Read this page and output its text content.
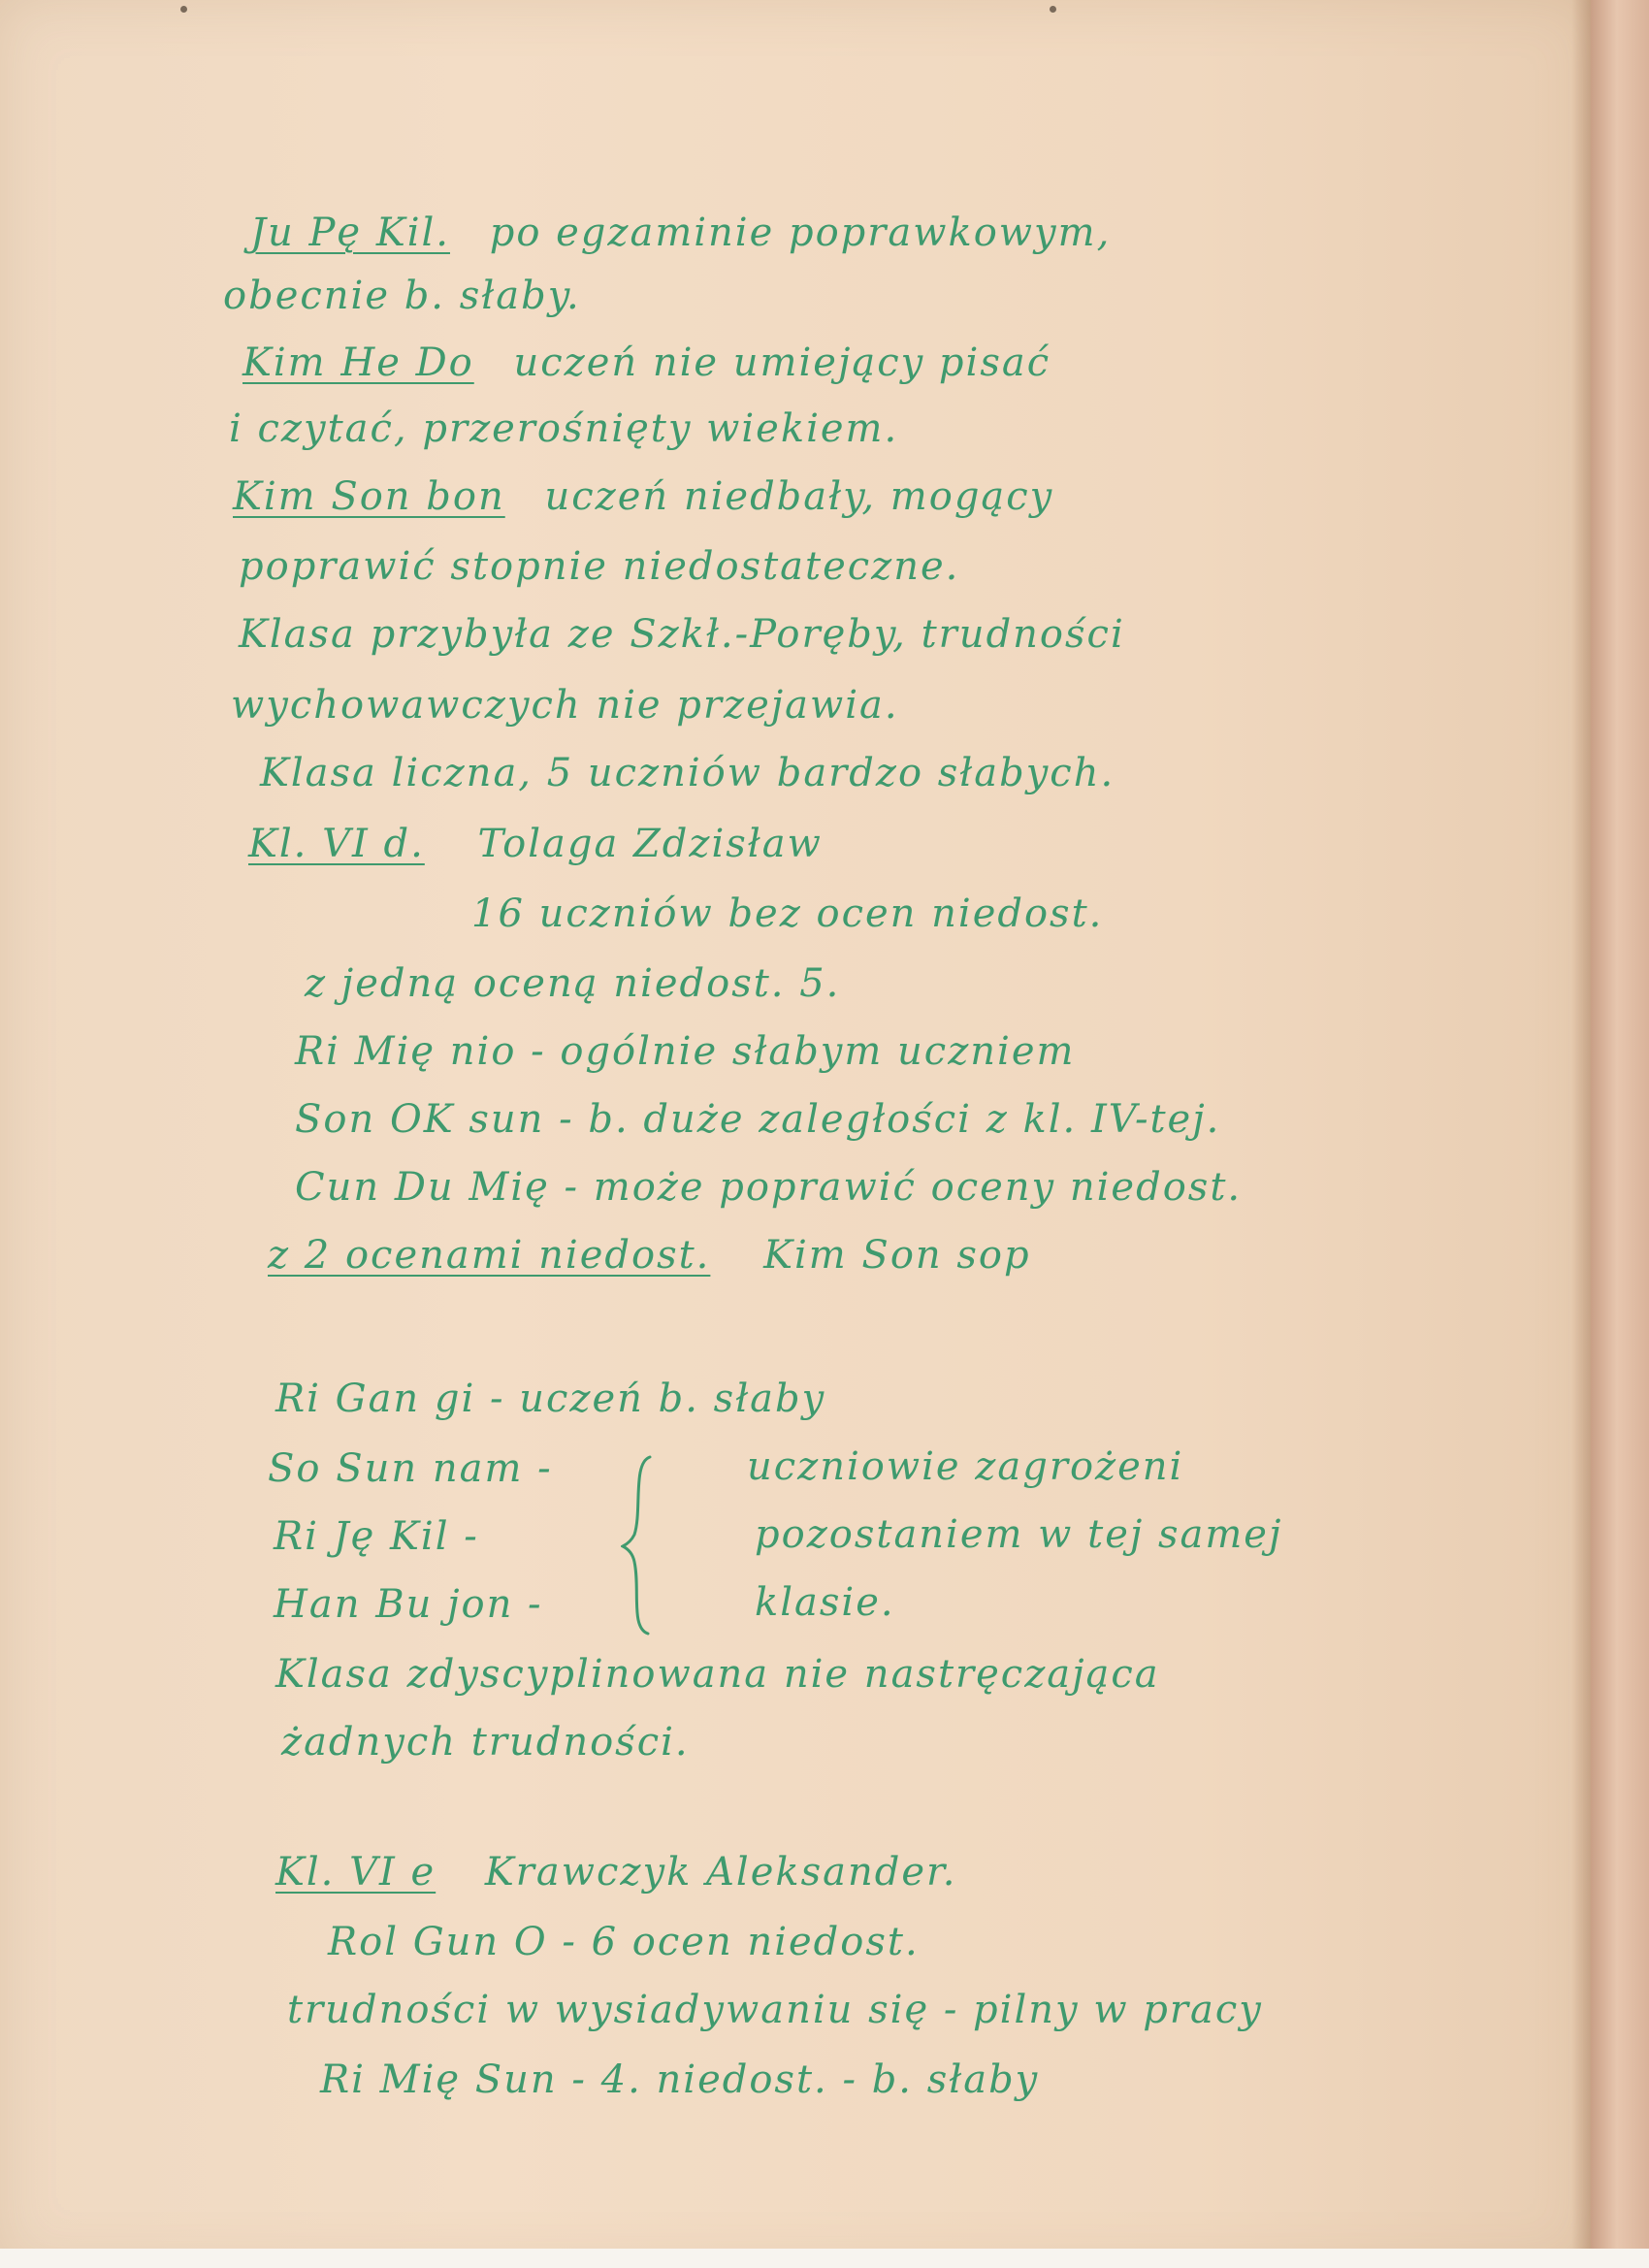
Ju Pę Kil. po egzaminie poprawkowym,
obecnie b. słaby.
Kim He Do uczeń nie umiejący pisać
i czytać, przerośnięty wiekiem.
Kim Son bon uczeń niedbały, mogący
poprawić stopnie niedostateczne.
Klasa przybyła ze Szkł.-Poręby, trudności
wychowawczych nie przejawia.
Klasa liczna, 5 uczniów bardzo słabych.
Kl. VI d. Tolaga Zdzisław
16 uczniów bez ocen niedost.
z jedną oceną niedost. 5.
Ri Mię nio - ogólnie słabym uczniem
Son OK sun - b. duże zaległości z kl. IV-tej.
Cun Du Mię - może poprawić oceny niedost.
z 2 ocenami niedost. Kim Son sop
Ri Gan gi - uczeń b. słaby
So Sun nam -
Ri Ję Kil -
Han Bu jon -
uczniowie zagrożeni
pozostaniem w tej samej
klasie.
Klasa zdyscyplinowana nie nastręczająca
żadnych trudności.
Kl. VI e Krawczyk Aleksander.
Rol Gun O - 6 ocen niedost.
trudności w wysiadywaniu się - pilny w pracy
Ri Mię Sun - 4. niedost. - b. słaby
